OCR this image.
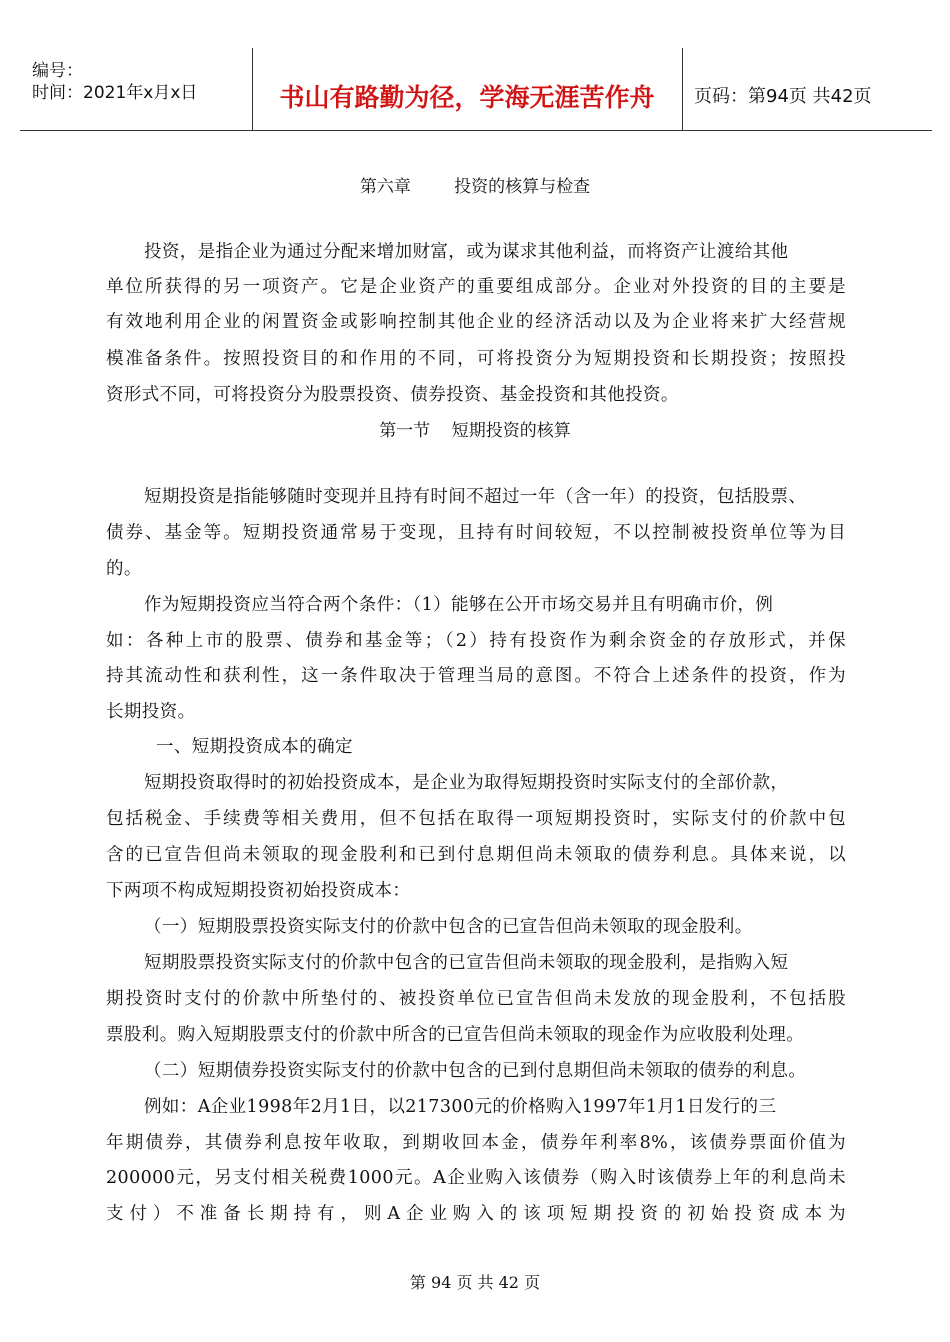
编号：
时间：2021年x月x日	书山有路勤为径，学海无涯苦作舟	页码：第94页 共42页
第六章        投资的核算与检查
投资，是指企业为通过分配来增加财富，或为谋求其他利益，而将资产让渡给其他
单位所获得的另一项资产。它是企业资产的重要组成部分。企业对外投资的目的主要是
有效地利用企业的闲置资金或影响控制其他企业的经济活动以及为企业将来扩大经营规
模准备条件。按照投资目的和作用的不同，可将投资分为短期投资和长期投资；按照投
资形式不同，可将投资分为股票投资、债券投资、基金投资和其他投资。
第一节    短期投资的核算
短期投资是指能够随时变现并且持有时间不超过一年（含一年）的投资，包括股票、
债券、基金等。短期投资通常易于变现，且持有时间较短，不以控制被投资单位等为目
的。
作为短期投资应当符合两个条件：（1）能够在公开市场交易并且有明确市价，例
如：各种上市的股票、债券和基金等；（2）持有投资作为剩余资金的存放形式，并保
持其流动性和获利性，这一条件取决于管理当局的意图。不符合上述条件的投资，作为
长期投资。
一、短期投资成本的确定
短期投资取得时的初始投资成本，是企业为取得短期投资时实际支付的全部价款，
包括税金、手续费等相关费用，但不包括在取得一项短期投资时，实际支付的价款中包
含的已宣告但尚未领取的现金股利和已到付息期但尚未领取的债券利息。具体来说，以
下两项不构成短期投资初始投资成本：
（一）短期股票投资实际支付的价款中包含的已宣告但尚未领取的现金股利。
短期股票投资实际支付的价款中包含的已宣告但尚未领取的现金股利，是指购入短
期投资时支付的价款中所垫付的、被投资单位已宣告但尚未发放的现金股利，不包括股
票股利。购入短期股票支付的价款中所含的已宣告但尚未领取的现金作为应收股利处理。
（二）短期债券投资实际支付的价款中包含的已到付息期但尚未领取的债券的利息。
例如：A企业1998年2月1日，以217300元的价格购入1997年1月1日发行的三
年期债券，其债券利息按年收取，到期收回本金，债券年利率8%，该债券票面价值为
200000元，另支付相关税费1000元。A企业购入该债券（购入时该债券上年的利息尚未
支付）不准备长期持有，则A企业购入的该项短期投资的初始投资成本为
第 94 页 共 42 页
